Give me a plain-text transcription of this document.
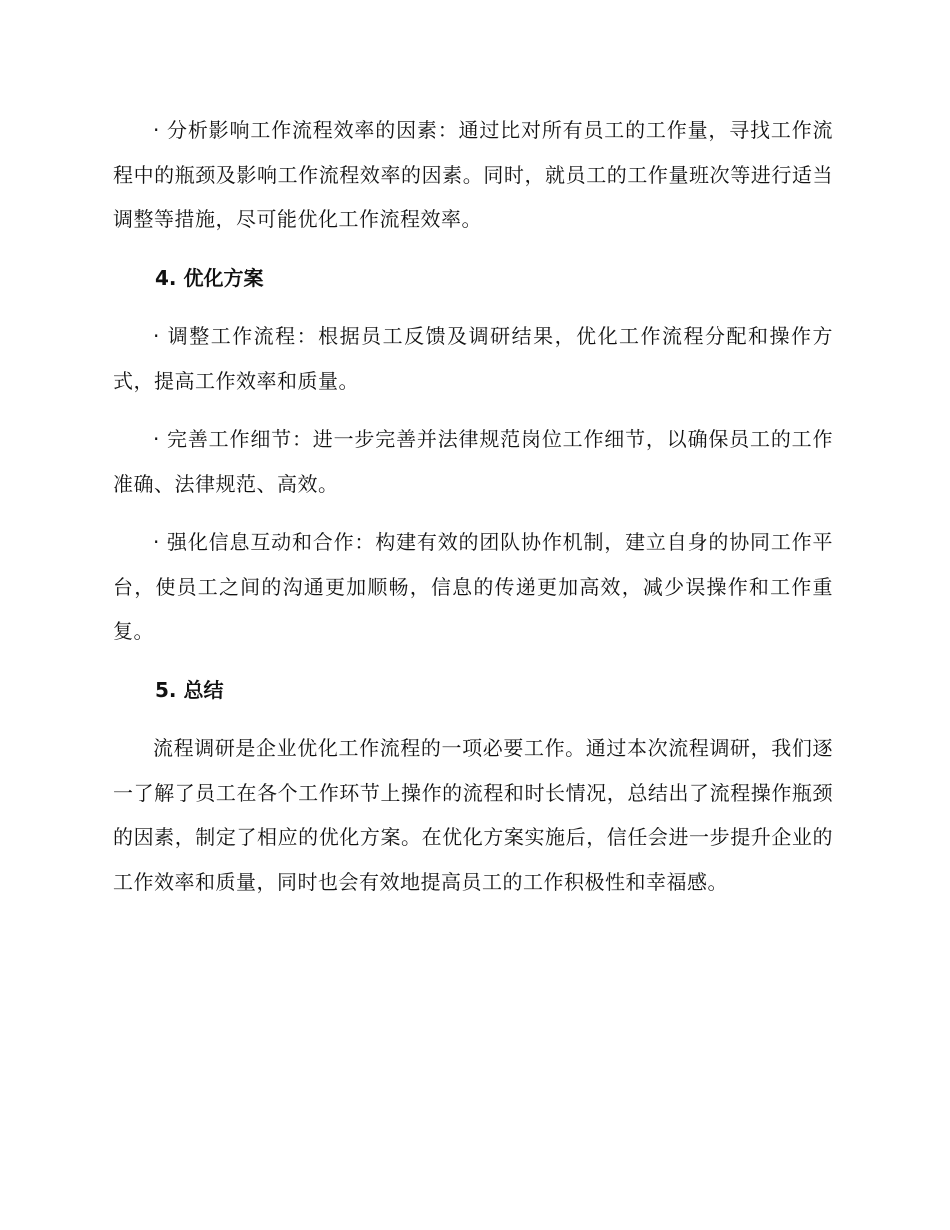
· 分析影响工作流程效率的因素：通过比对所有员工的工作量，寻找工作流程中的瓶颈及影响工作流程效率的因素。同时，就员工的工作量班次等进行适当调整等措施，尽可能优化工作流程效率。

4. 优化方案

· 调整工作流程：根据员工反馈及调研结果，优化工作流程分配和操作方式，提高工作效率和质量。

· 完善工作细节：进一步完善并法律规范岗位工作细节，以确保员工的工作准确、法律规范、高效。

· 强化信息互动和合作：构建有效的团队协作机制，建立自身的协同工作平台，使员工之间的沟通更加顺畅，信息的传递更加高效，减少误操作和工作重复。

5. 总结

流程调研是企业优化工作流程的一项必要工作。通过本次流程调研，我们逐一了解了员工在各个工作环节上操作的流程和时长情况，总结出了流程操作瓶颈的因素，制定了相应的优化方案。在优化方案实施后，信任会进一步提升企业的工作效率和质量，同时也会有效地提高员工的工作积极性和幸福感。
